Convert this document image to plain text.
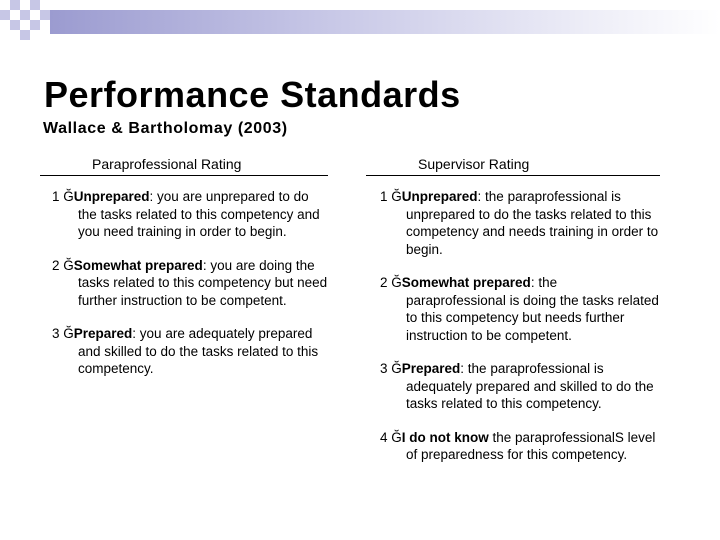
Performance Standards
Wallace & Bartholomay (2003)
Paraprofessional Rating
1 ĞUnprepared: you are unprepared to do the tasks related to this competency and you need training in order to begin.
2 ĞSomewhat prepared: you are doing the tasks related to this competency but need further instruction to be competent.
3 ĞPrepared: you are adequately prepared and skilled to do the tasks related to this competency.
Supervisor Rating
1 ĞUnprepared: the paraprofessional is unprepared to do the tasks related to this competency and needs training in order to begin.
2 ĞSomewhat prepared: the paraprofessional is doing the tasks related to this competency but needs further instruction to be competent.
3 ĞPrepared: the paraprofessional is adequately prepared and skilled to do the tasks related to this competency.
4 ĞI do not know the paraprofessionalЅ level of preparedness for this competency.
